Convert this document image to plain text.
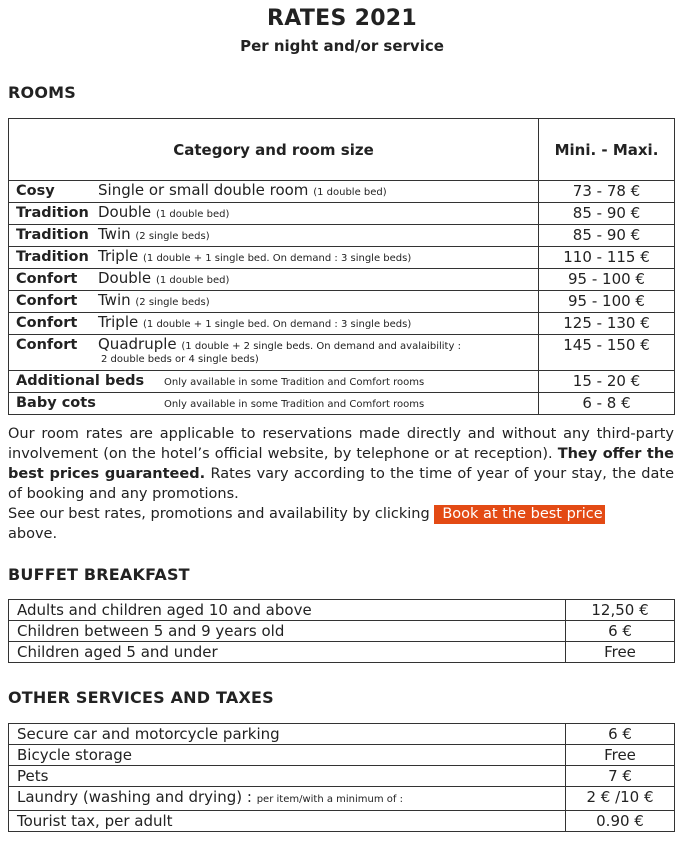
RATES 2021
Per night and/or service
ROOMS
Category and room size	Mini. - Maxi.

Cosy Single or small double room (1 double bed)	73 - 78 €

Tradition Double (1 double bed)	85 - 90 €

Tradition Twin (2 single beds)	85 - 90 €

Tradition Triple (1 double + 1 single bed. On demand : 3 single beds)	110 - 115 €

Confort Double (1 double bed)	95 - 100 €

Confort Twin (2 single beds)	95 - 100 €

Confort Triple (1 double + 1 single bed. On demand : 3 single beds)	125 - 130 €

Confort Quadruple (1 double + 2 single beds. On demand and avalaibility :
2 double beds or 4 single beds)	145 - 150 €

Additional beds Only available in some Tradition and Comfort rooms	15 - 20 €

Baby cots Only available in some Tradition and Comfort rooms	6 - 8 €
Our room rates are applicable to reservations made directly and without any third-party involvement (on the hotel’s official website, by telephone or at reception). They offer the best prices guaranteed. Rates vary according to the time of year of your stay, the date of booking and any promotions.
See our best rates, promotions and availability by clicking Book at the best price
above.
BUFFET BREAKFAST
Adults and children aged 10 and above	12,50 €
Children between 5 and 9 years old	6 €
Children aged 5 and under	Free
OTHER SERVICES AND TAXES
Secure car and motorcycle parking	6 €
Bicycle storage	Free
Pets	7 €
Laundry (washing and drying) : per item/with a minimum of :	2 € /10 €
Tourist tax, per adult	0.90 €
